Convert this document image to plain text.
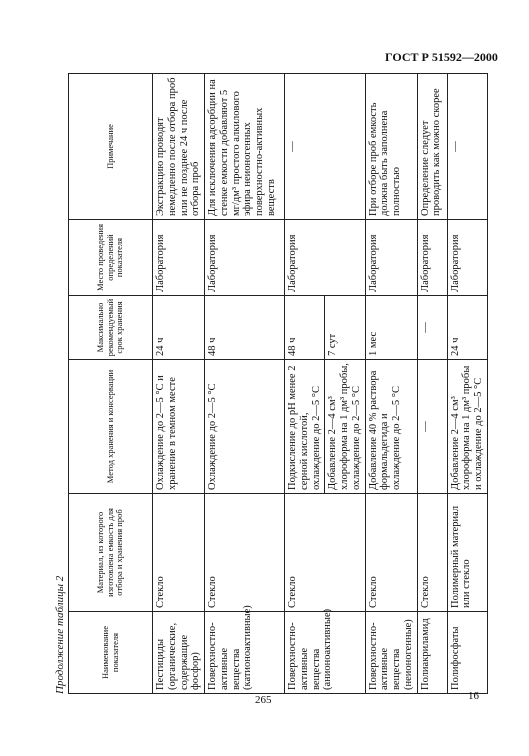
ГОСТ Р 51592—2000
Продолжение таблицы 2	Наименование показателя	Материал, из которого изготовлена емкость для отбора и хранения проб	Метод хранения и консервации	Максимально рекомендуемый срок хранения	Место проведения определений показателя	Примечание
Пестициды (органические, содержащие фосфор)	Стекло	Охлаждение до 2—5 °С и хранение в темном месте	24 ч	Лаборатория	Экстракцию проводят немедленно после отбора проб или не позднее 24 ч после отбора проб
Поверхностно-активные вещества (катионоактивные)	Стекло	Охлаждение до 2—5 °С	48 ч	Лаборатория	Для исключения адсорбции на стенке емкости добавляют 5 мг/дм³ простого алкилового эфира неионогенных поверхностно-активных веществ
Поверхностно-активные вещества (анионоактивные)	Стекло	Подкисление до pH менее 2 серной кислотой, охлаждение до 2—5 °С	48 ч	Лаборатория	—
		Добавление 2—4 см³ хлороформа на 1 дм³ пробы, охлаждение до 2—5 °С	7 сут		
Поверхностно-активные вещества (неионогенные)	Стекло	Добавление 40 % раствора формальдегида и охлаждение до 2—5 °С	1 мес	Лаборатория	При отборе проб емкость должна быть заполнена полностью
Полиакриламид	Стекло	—	—	Лаборатория	Определение следует проводить как можно скорее
Полифосфаты	Полимерный материал или стекло	Добавление 2—4 см³ хлороформа на 1 дм³ пробы и охлаждение до 2—5 °С	24 ч	Лаборатория	—
265	16
